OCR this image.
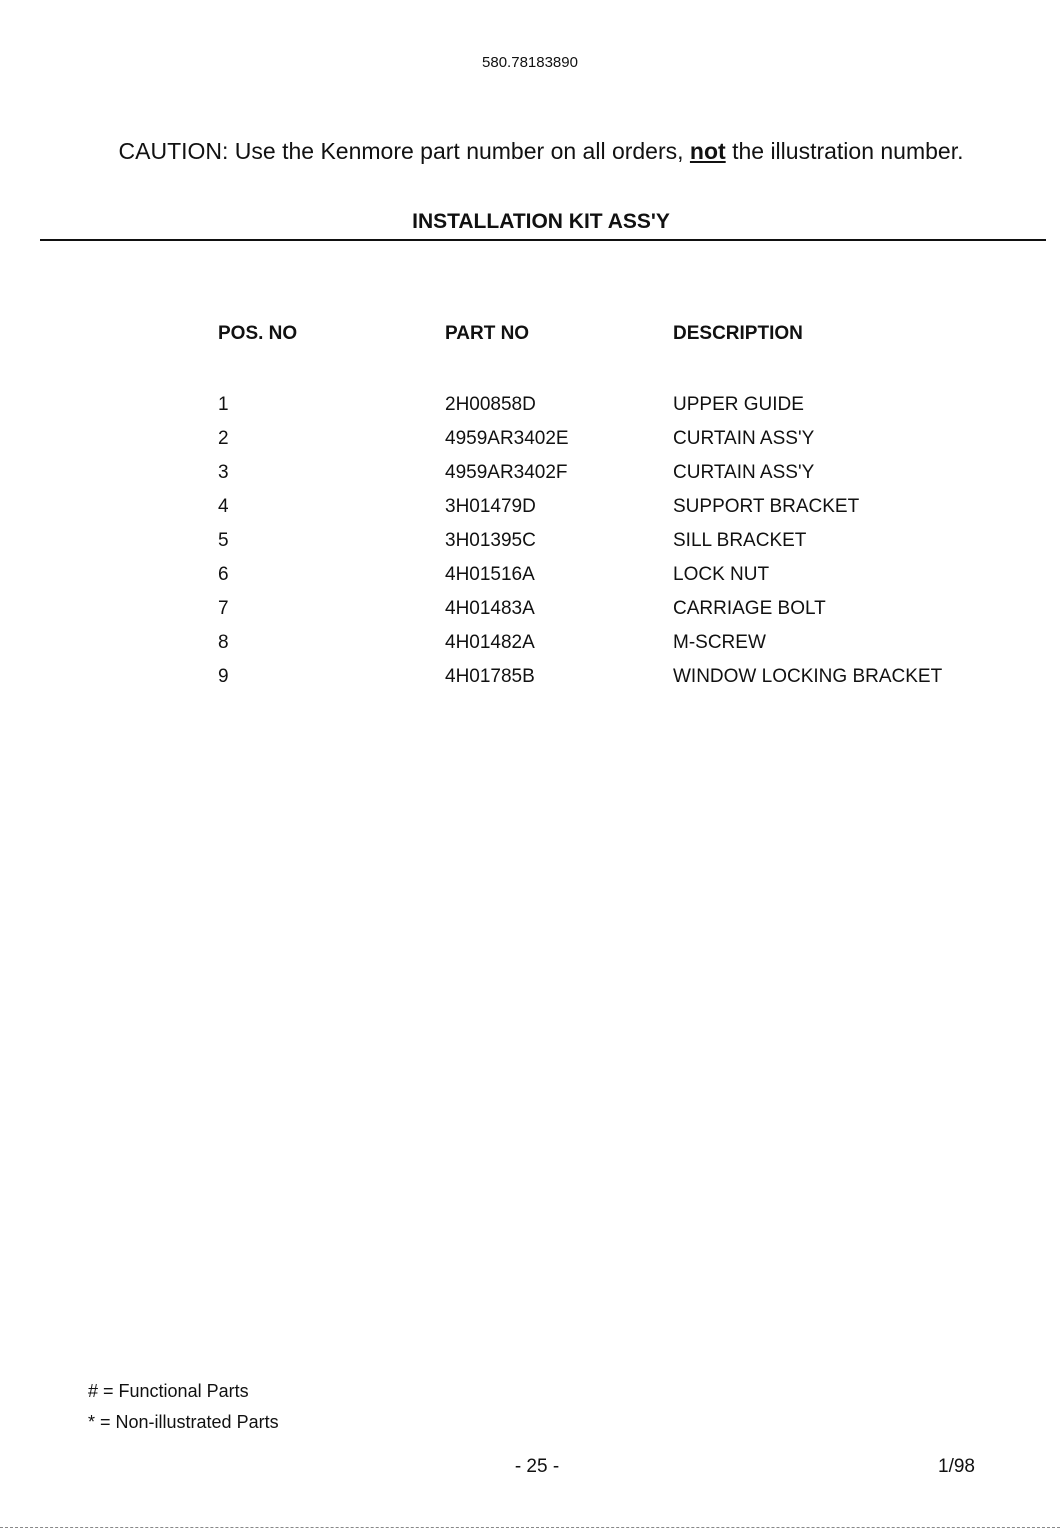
580.78183890
CAUTION: Use the Kenmore part number on all orders, not the illustration number.
INSTALLATION KIT ASS'Y
POS. NO	PART NO	DESCRIPTION
1	2H00858D	UPPER GUIDE
2	4959AR3402E	CURTAIN ASS'Y
3	4959AR3402F	CURTAIN ASS'Y
4	3H01479D	SUPPORT BRACKET
5	3H01395C	SILL BRACKET
6	4H01516A	LOCK NUT
7	4H01483A	CARRIAGE BOLT
8	4H01482A	M-SCREW
9	4H01785B	WINDOW LOCKING BRACKET
# = Functional Parts
* = Non-illustrated Parts
- 25 -	1/98
